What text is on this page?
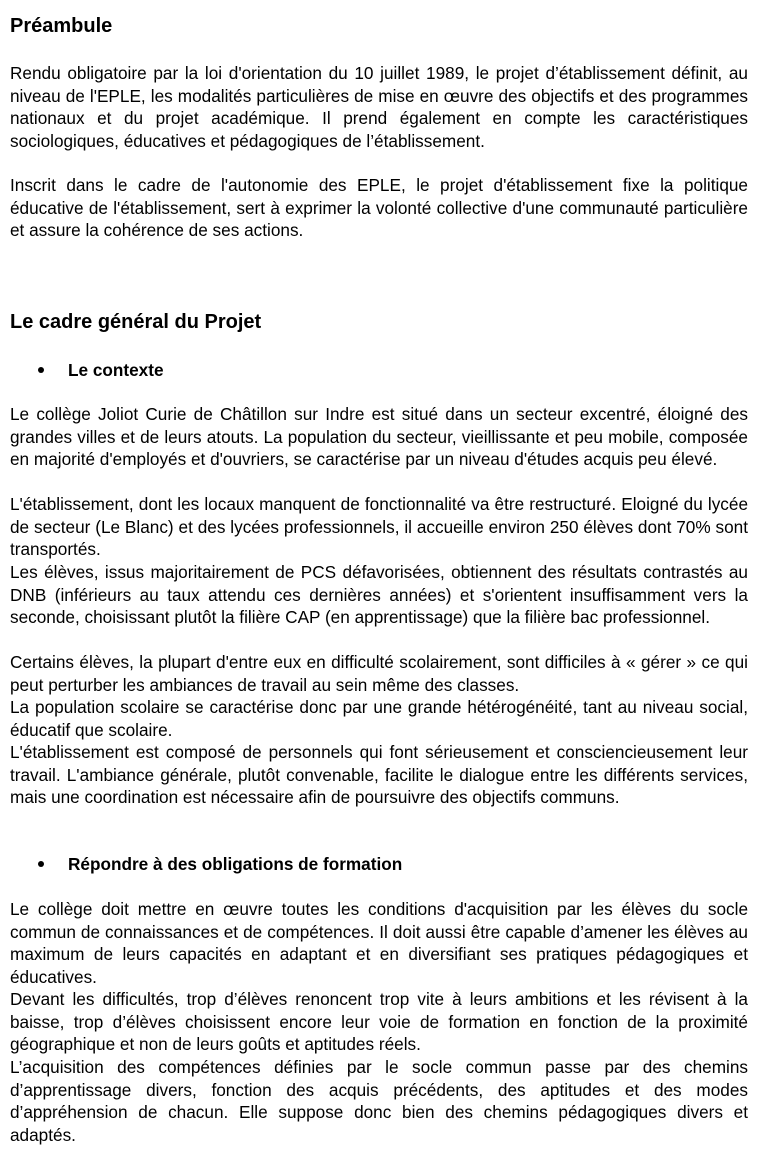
Préambule

Rendu obligatoire par la loi d'orientation du 10 juillet 1989, le projet d’établissement définit, au niveau de l'EPLE, les modalités particulières de mise en œuvre des objectifs et des programmes nationaux et du projet académique. Il prend également en compte les caractéristiques sociologiques, éducatives et pédagogiques de l’établissement.

Inscrit dans le cadre de l'autonomie des EPLE, le projet d'établissement fixe la politique éducative de l'établissement, sert à exprimer la volonté collective d'une communauté particulière et assure la cohérence de ses actions.

Le cadre général du Projet
Le contexte

Le collège Joliot Curie de Châtillon sur Indre est situé dans un secteur excentré, éloigné des grandes villes et de leurs atouts. La population du secteur, vieillissante et peu mobile, composée en majorité d'employés et d'ouvriers, se caractérise par un niveau d'études acquis peu élevé.

L'établissement, dont les locaux manquent de fonctionnalité va être restructuré. Eloigné du lycée de secteur (Le Blanc) et des lycées professionnels, il accueille environ 250 élèves dont 70% sont transportés.

Les élèves, issus majoritairement de PCS défavorisées, obtiennent des résultats contrastés au DNB (inférieurs au taux attendu ces dernières années) et s'orientent insuffisamment vers la seconde, choisissant plutôt la filière CAP (en apprentissage) que la filière bac professionnel.

Certains élèves, la plupart d'entre eux en difficulté scolairement, sont difficiles à « gérer » ce qui peut perturber les ambiances de travail au sein même des classes.

La population scolaire se caractérise donc par une grande hétérogénéité, tant au niveau social, éducatif que scolaire.

L'établissement est composé de personnels qui font sérieusement et consciencieusement leur travail. L'ambiance générale, plutôt convenable, facilite le dialogue entre les différents services, mais une coordination est nécessaire afin de poursuivre des objectifs communs.

Répondre à des obligations de formation

Le collège doit mettre en œuvre toutes les conditions d'acquisition par les élèves du socle commun de connaissances et de compétences. Il doit aussi être capable d’amener les élèves au maximum de leurs capacités en adaptant et en diversifiant ses pratiques pédagogiques et éducatives.

Devant les difficultés, trop d’élèves renoncent trop vite à leurs ambitions et les révisent à la baisse, trop d’élèves choisissent encore leur voie de formation en fonction de la proximité géographique et non de leurs goûts et aptitudes réels.

L’acquisition des compétences définies par le socle commun passe par des chemins d’apprentissage divers, fonction des acquis précédents, des aptitudes et des modes d’appréhension de chacun. Elle suppose donc bien des chemins pédagogiques divers et adaptés.
